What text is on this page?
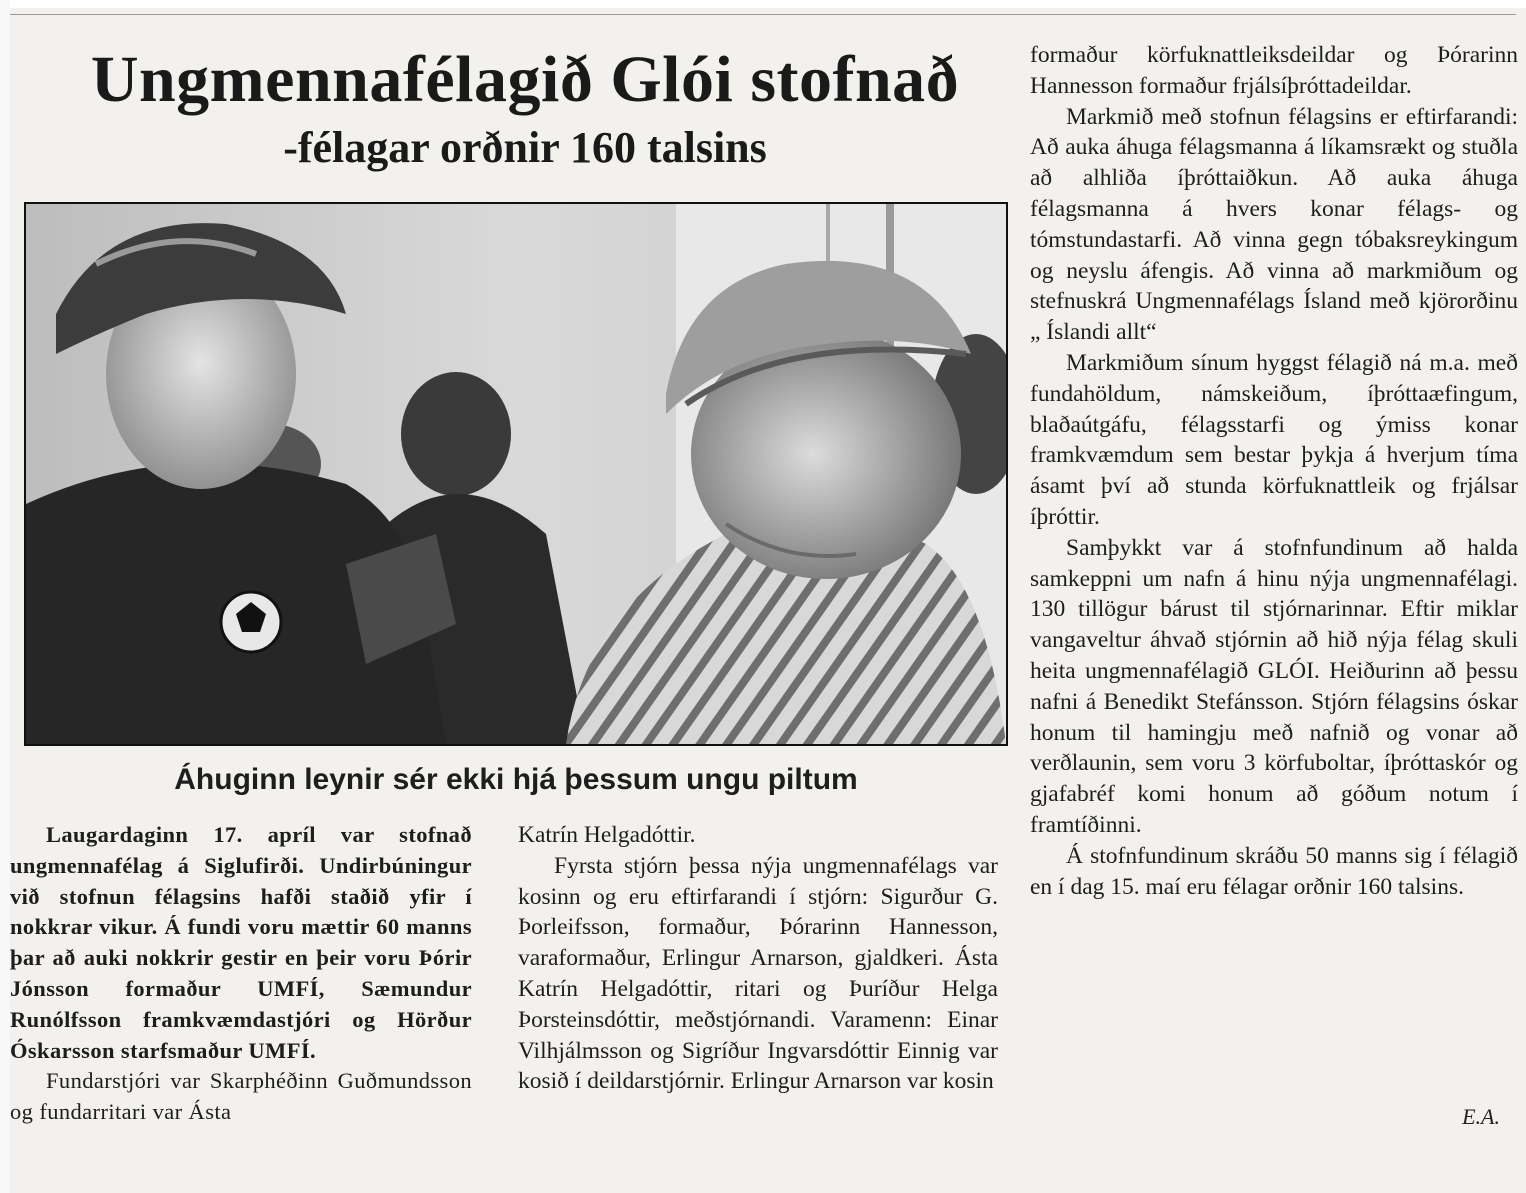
Ungmennafélagið Glói stofnað
-félagar orðnir 160 talsins
Áhuginn leynir sér ekki hjá þessum ungu piltum

Laugardaginn 17. apríl var stofnað ungmennafélag á Siglufirði. Undirbúningur við stofnun félagsins hafði staðið yfir í nokkrar vikur. Á fundi voru mættir 60 manns þar að auki nokkrir gestir en þeir voru Þórir Jónsson formaður UMFÍ, Sæmundur Runólfsson framkvæmdastjóri og Hörður Óskarsson starfsmaður UMFÍ.

Fundarstjóri var Skarphéðinn Guðmundsson og fundarritari var Ásta

Katrín Helgadóttir.

Fyrsta stjórn þessa nýja ungmennafélags var kosinn og eru eftirfarandi í stjórn: Sigurður G. Þorleifsson, formaður, Þórarinn Hannesson, varaformaður, Erlingur Arnarson, gjaldkeri. Ásta Katrín Helgadóttir, ritari og Þuríður Helga Þorsteinsdóttir, meðstjórnandi. Varamenn: Einar Vilhjálmsson og Sigríður Ingvarsdóttir Einnig var kosið í deildarstjórnir. Erlingur Arnarson var kosin

formaður körfuknattleiksdeildar og Þórarinn Hannesson formaður frjálsíþróttadeildar.

Markmið með stofnun félagsins er eftirfarandi: Að auka áhuga félagsmanna á líkamsrækt og stuðla að alhliða íþróttaiðkun. Að auka áhuga félagsmanna á hvers konar félags- og tómstundastarfi. Að vinna gegn tóbaksreykingum og neyslu áfengis. Að vinna að markmiðum og stefnuskrá Ungmennafélags Ísland með kjörorðinu „ Íslandi allt“

Markmiðum sínum hyggst félagið ná m.a. með fundahöldum, námskeiðum, íþróttaæfingum, blaðaútgáfu, félagsstarfi og ýmiss konar framkvæmdum sem bestar þykja á hverjum tíma ásamt því að stunda körfuknattleik og frjálsar íþróttir.

Samþykkt var á stofnfundinum að halda samkeppni um nafn á hinu nýja ungmennafélagi. 130 tillögur bárust til stjórnarinnar. Eftir miklar vangaveltur áhvað stjórnin að hið nýja félag skuli heita ungmennafélagið GLÓI. Heiðurinn að þessu nafni á Benedikt Stefánsson. Stjórn félagsins óskar honum til hamingju með nafnið og vonar að verðlaunin, sem voru 3 körfuboltar, íþróttaskór og gjafabréf komi honum að góðum notum í framtíðinni.

Á stofnfundinum skráðu 50 manns sig í félagið en í dag 15. maí eru félagar orðnir 160 talsins.

E.A.
